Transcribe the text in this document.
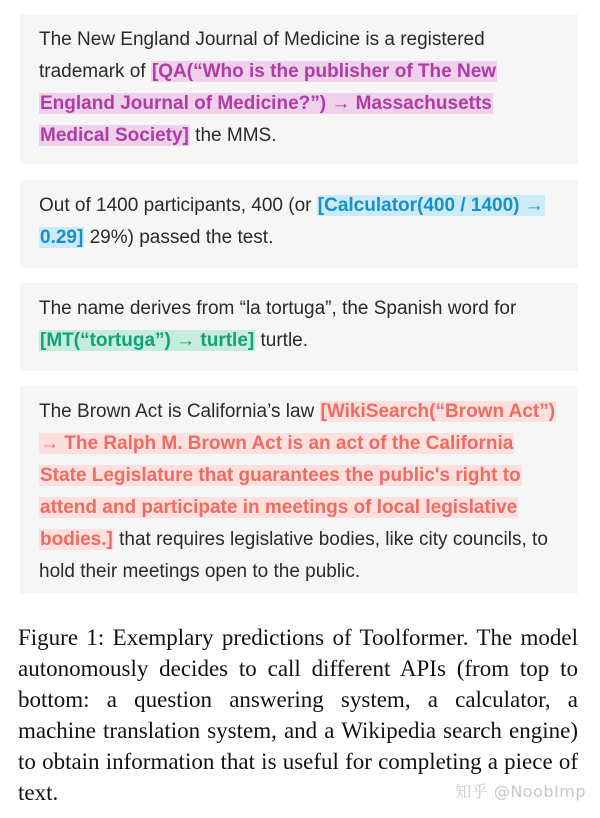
The New England Journal of Medicine is a registered trademark of [QA(“Who is the publisher of The New England Journal of Medicine?”) → Massachusetts Medical Society] the MMS.
Out of 1400 participants, 400 (or [Calculator(400 / 1400) → 0.29] 29%) passed the test.
The name derives from “la tortuga”, the Spanish word for [MT(“tortuga”) → turtle] turtle.
The Brown Act is California’s law [WikiSearch(“Brown Act”) → The Ralph M. Brown Act is an act of the California State Legislature that guarantees the public's right to attend and participate in meetings of local legislative bodies.] that requires legislative bodies, like city councils, to hold their meetings open to the public.

Figure 1: Exemplary predictions of Toolformer. The model autonomously decides to call different APIs (from top to bottom: a question answering system, a calculator, a machine translation system, and a Wikipedia search engine) to obtain information that is useful for completing a piece of text.	知乎 @NoobImp
